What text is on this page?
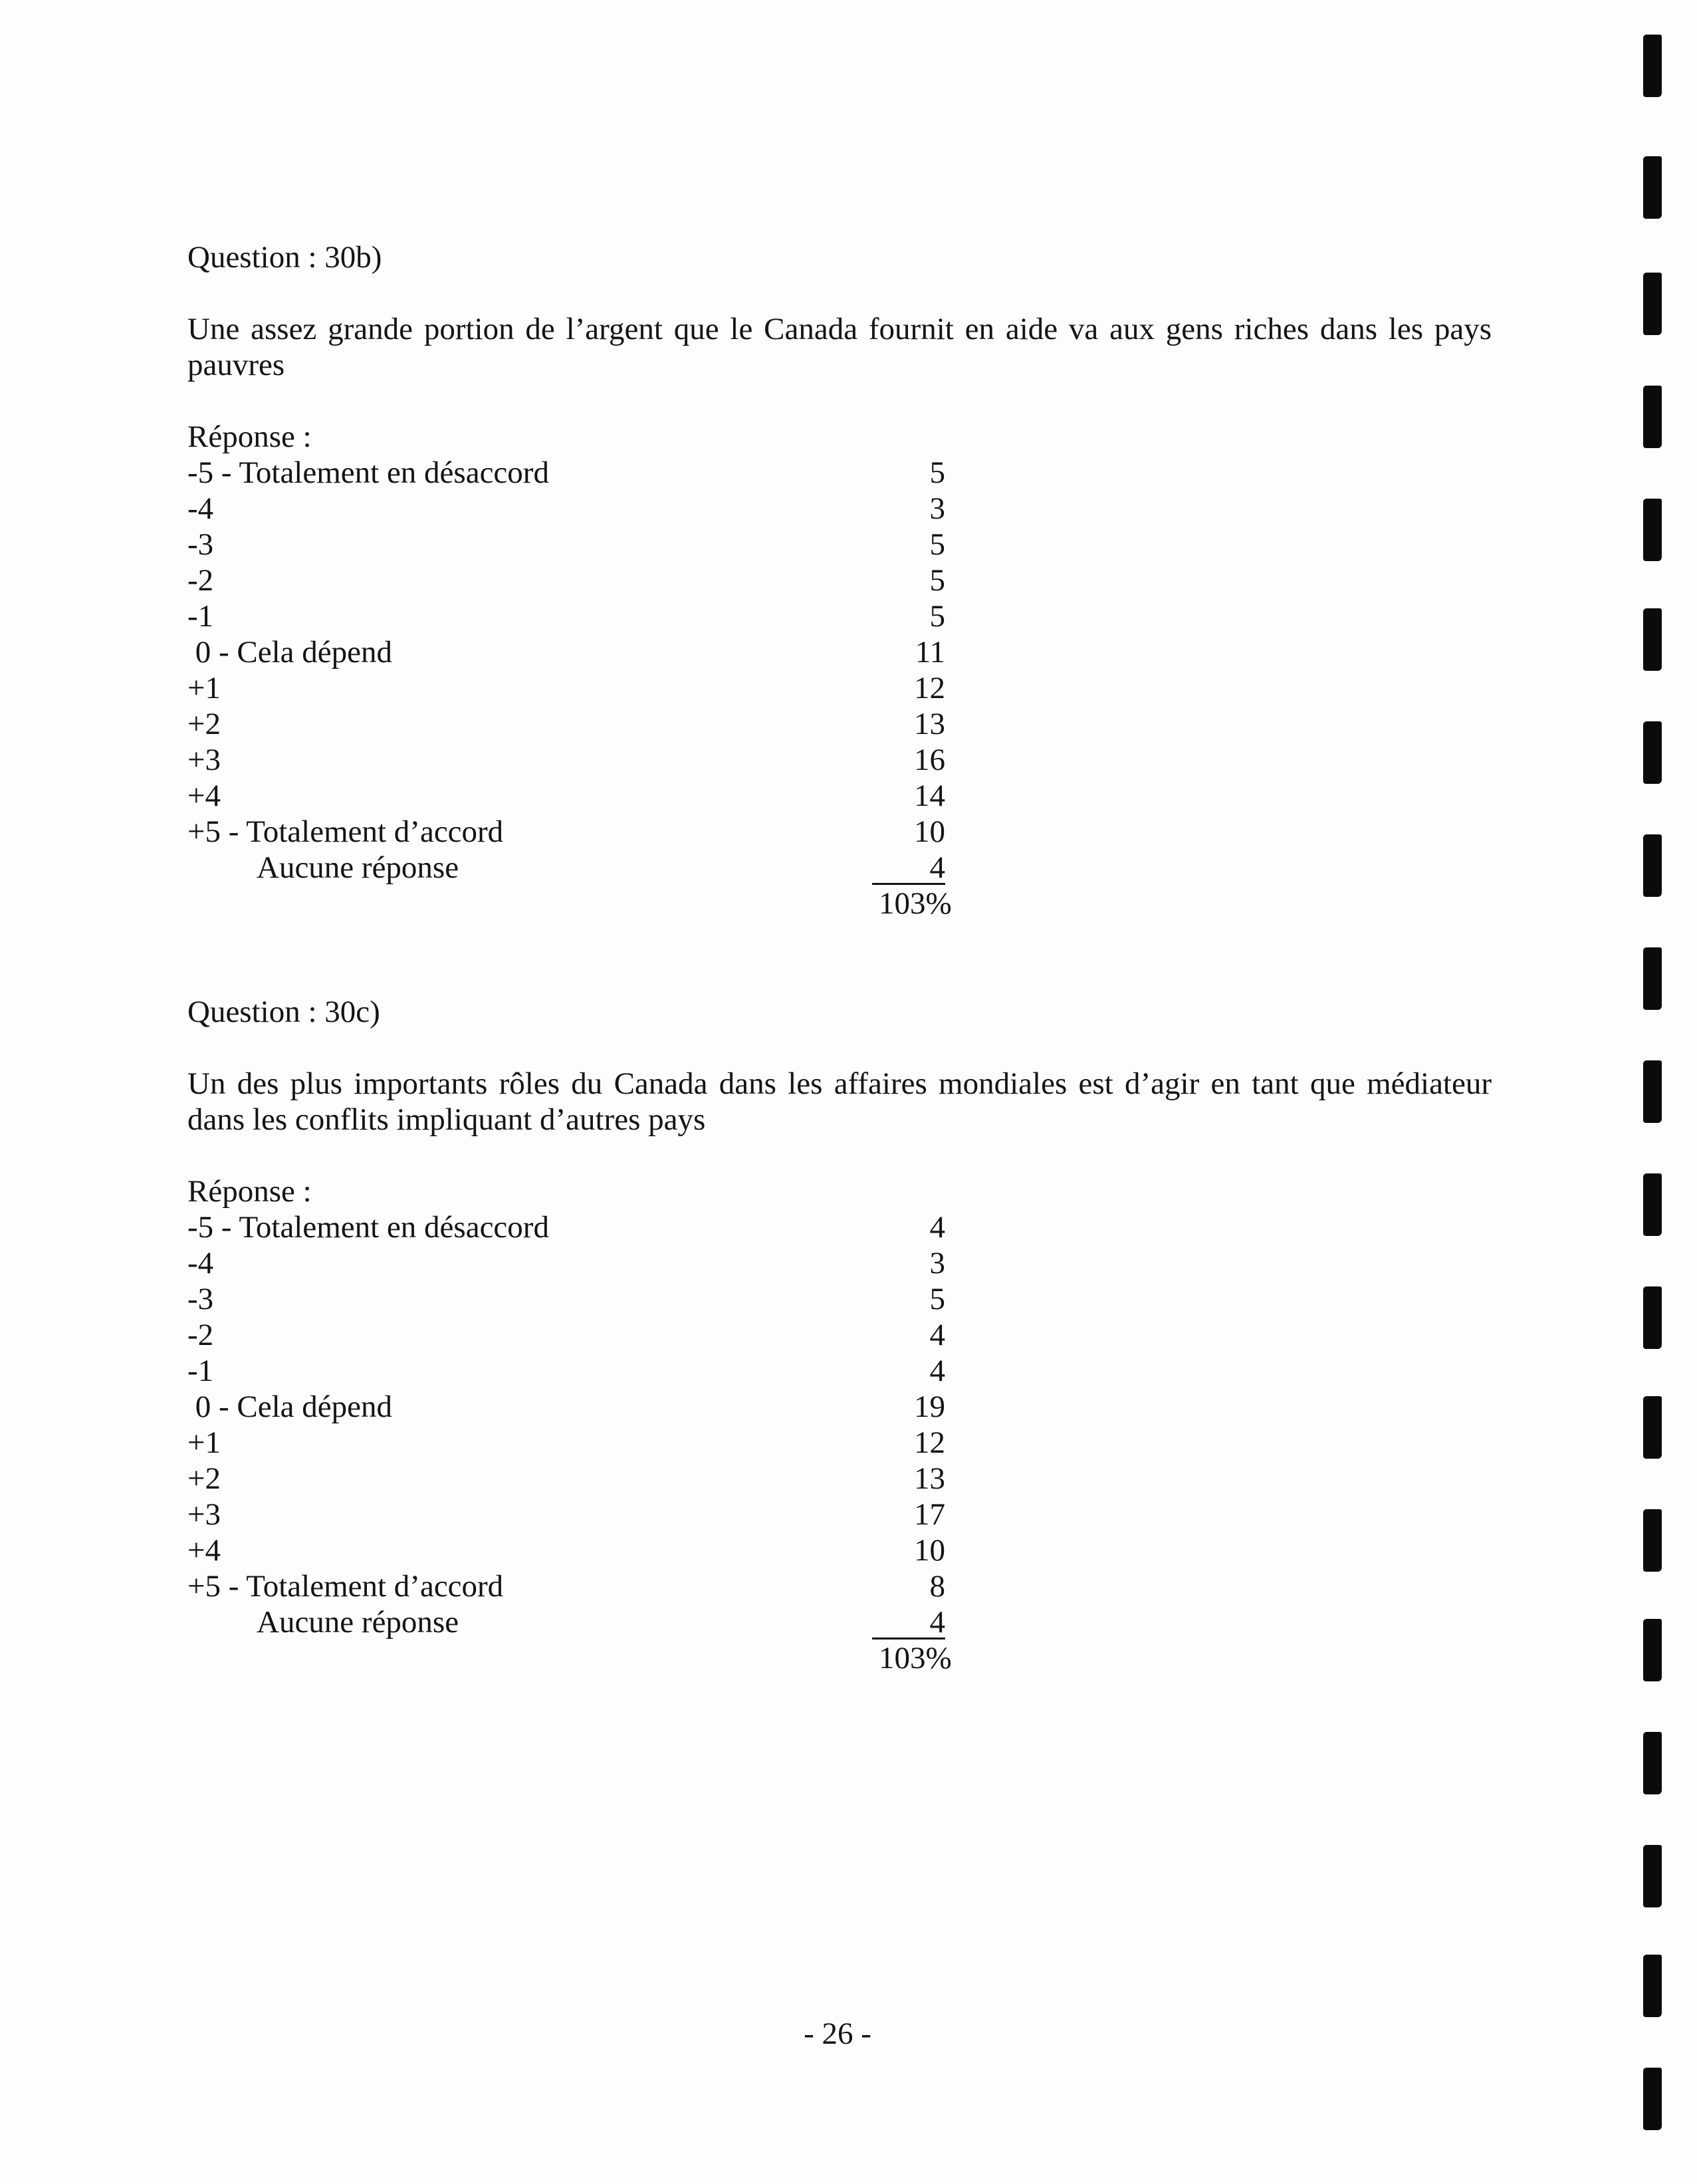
Question : 30b)

Une assez grande portion de l’argent que le Canada fournit en aide va aux gens riches dans les pays pauvres

Réponse :

-5 - Totalement en désaccord	5
-4	3
-3	5
-2	5
-1	5
0 - Cela dépend	11
+1	12
+2	13
+3	16
+4	14
+5 - Totalement d’accord	10
Aucune réponse	4
103%

Question : 30c)

Un des plus importants rôles du Canada dans les affaires mondiales est d’agir en tant que médiateur dans les conflits impliquant d’autres pays

Réponse :

-5 - Totalement en désaccord	4
-4	3
-3	5
-2	4
-1	4
0 - Cela dépend	19
+1	12
+2	13
+3	17
+4	10
+5 - Totalement d’accord	8
Aucune réponse	4
103%
- 26 -
